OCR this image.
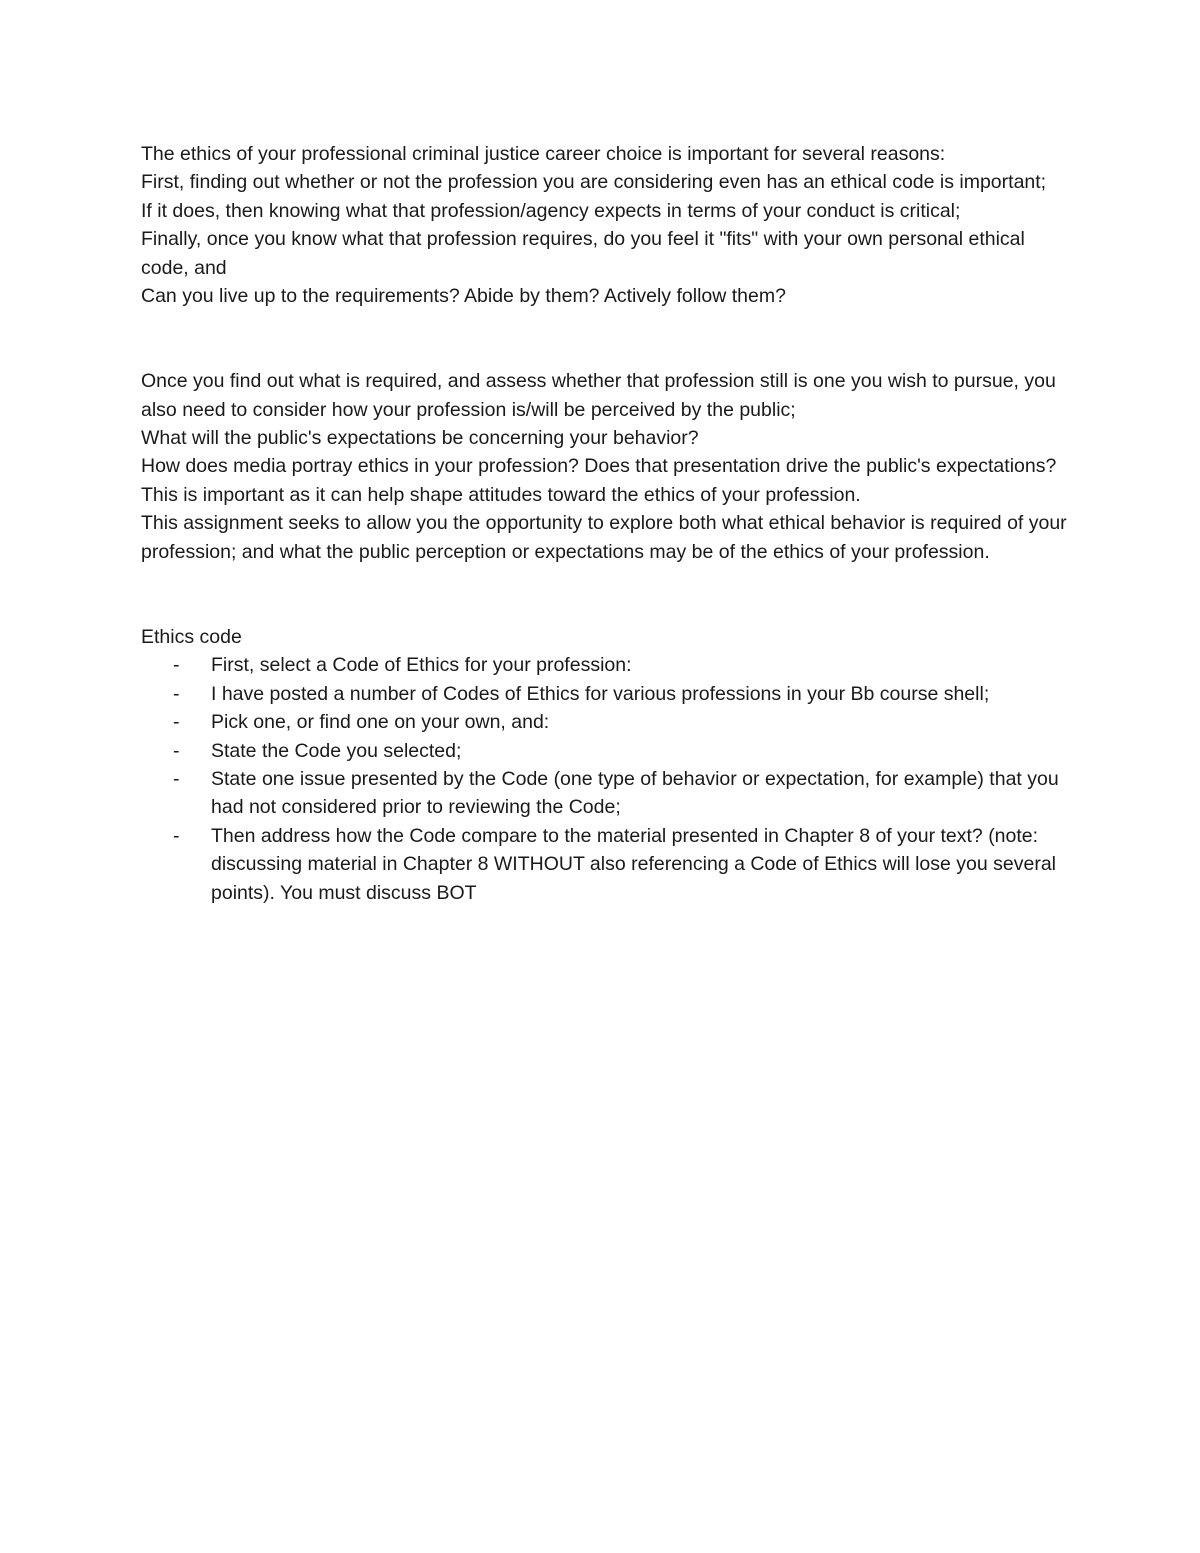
The ethics of your professional criminal justice career choice is important for several reasons:

First, finding out whether or not the profession you are considering even has an ethical code is important;

If it does, then knowing what that profession/agency expects in terms of your conduct is critical;

Finally, once you know what that profession requires, do you feel it "fits" with your own personal ethical code, and

Can you live up to the requirements? Abide by them? Actively follow them?

Once you find out what is required, and assess whether that profession still is one you wish to pursue, you also need to consider how your profession is/will be perceived by the public;

What will the public's expectations be concerning your behavior?

How does media portray ethics in your profession? Does that presentation drive the public's expectations? This is important as it can help shape attitudes toward the ethics of your profession.

This assignment seeks to allow you the opportunity to explore both what ethical behavior is required of your profession; and what the public perception or expectations may be of the ethics of your profession.

Ethics code

- First, select a Code of Ethics for your profession:
- I have posted a number of Codes of Ethics for various professions in your Bb course shell;
- Pick one, or find one on your own, and:
- State the Code you selected;
- State one issue presented by the Code (one type of behavior or expectation, for example) that you had not considered prior to reviewing the Code;
- Then address how the Code compare to the material presented in Chapter 8 of your text? (note: discussing material in Chapter 8 WITHOUT also referencing a Code of Ethics will lose you several points). You must discuss BOT
